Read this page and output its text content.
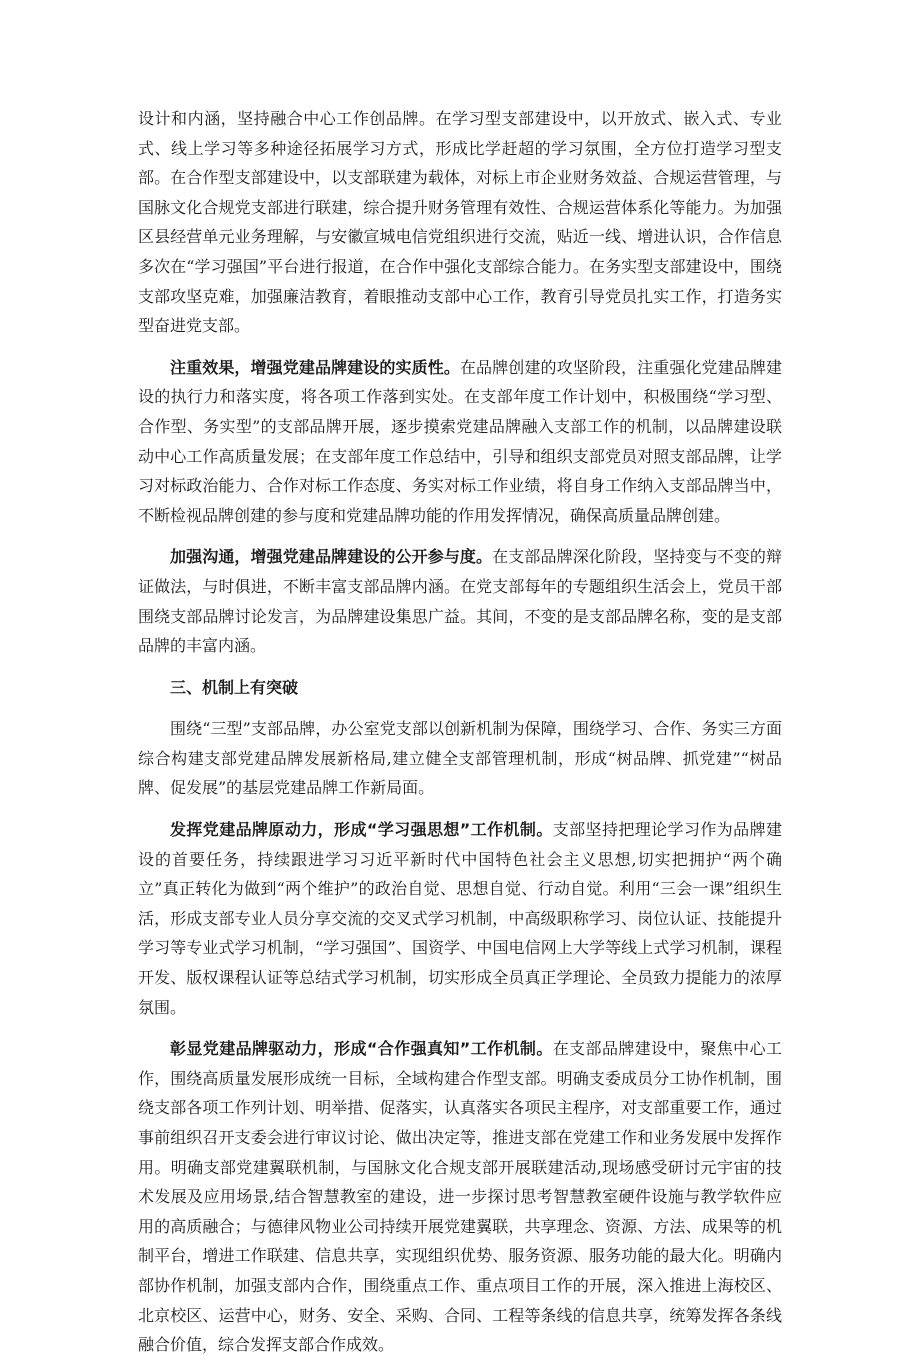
设计和内涵，坚持融合中心工作创品牌。在学习型支部建设中，以开放式、嵌入式、专业式、线上学习等多种途径拓展学习方式，形成比学赶超的学习氛围，全方位打造学习型支部。在合作型支部建设中，以支部联建为载体，对标上市企业财务效益、合规运营管理，与国脉文化合规党支部进行联建，综合提升财务管理有效性、合规运营体系化等能力。为加强区县经营单元业务理解，与安徽宣城电信党组织进行交流，贴近一线、增进认识，合作信息多次在“学习强国”平台进行报道，在合作中强化支部综合能力。在务实型支部建设中，围绕支部攻坚克难，加强廉洁教育，着眼推动支部中心工作，教育引导党员扎实工作，打造务实型奋进党支部。

注重效果，增强党建品牌建设的实质性。在品牌创建的攻坚阶段，注重强化党建品牌建设的执行力和落实度，将各项工作落到实处。在支部年度工作计划中，积极围绕“学习型、合作型、务实型”的支部品牌开展，逐步摸索党建品牌融入支部工作的机制，以品牌建设联动中心工作高质量发展；在支部年度工作总结中，引导和组织支部党员对照支部品牌，让学习对标政治能力、合作对标工作态度、务实对标工作业绩，将自身工作纳入支部品牌当中，不断检视品牌创建的参与度和党建品牌功能的作用发挥情况，确保高质量品牌创建。

加强沟通，增强党建品牌建设的公开参与度。在支部品牌深化阶段，坚持变与不变的辩证做法，与时俱进，不断丰富支部品牌内涵。在党支部每年的专题组织生活会上，党员干部围绕支部品牌讨论发言，为品牌建设集思广益。其间，不变的是支部品牌名称，变的是支部品牌的丰富内涵。

三、机制上有突破

围绕“三型”支部品牌，办公室党支部以创新机制为保障，围绕学习、合作、务实三方面综合构建支部党建品牌发展新格局,建立健全支部管理机制，形成“树品牌、抓党建”“树品牌、促发展”的基层党建品牌工作新局面。

发挥党建品牌原动力，形成“学习强思想”工作机制。支部坚持把理论学习作为品牌建设的首要任务，持续跟进学习习近平新时代中国特色社会主义思想,切实把拥护“两个确立”真正转化为做到“两个维护”的政治自觉、思想自觉、行动自觉。利用“三会一课”组织生活，形成支部专业人员分享交流的交叉式学习机制，中高级职称学习、岗位认证、技能提升学习等专业式学习机制，“学习强国”、国资学、中国电信网上大学等线上式学习机制，课程开发、版权课程认证等总结式学习机制，切实形成全员真正学理论、全员致力提能力的浓厚氛围。

彰显党建品牌驱动力，形成“合作强真知”工作机制。在支部品牌建设中，聚焦中心工作，围绕高质量发展形成统一目标，全域构建合作型支部。明确支委成员分工协作机制，围绕支部各项工作列计划、明举措、促落实，认真落实各项民主程序，对支部重要工作，通过事前组织召开支委会进行审议讨论、做出决定等，推进支部在党建工作和业务发展中发挥作用。明确支部党建翼联机制，与国脉文化合规支部开展联建活动,现场感受研讨元宇宙的技术发展及应用场景,结合智慧教室的建设，进一步探讨思考智慧教室硬件设施与教学软件应用的高质融合；与德律风物业公司持续开展党建翼联，共享理念、资源、方法、成果等的机制平台，增进工作联建、信息共享，实现组织优势、服务资源、服务功能的最大化。明确内部协作机制，加强支部内合作，围绕重点工作、重点项目工作的开展，深入推进上海校区、北京校区、运营中心，财务、安全、采购、合同、工程等条线的信息共享，统筹发挥各条线融合价值，综合发挥支部合作成效。
